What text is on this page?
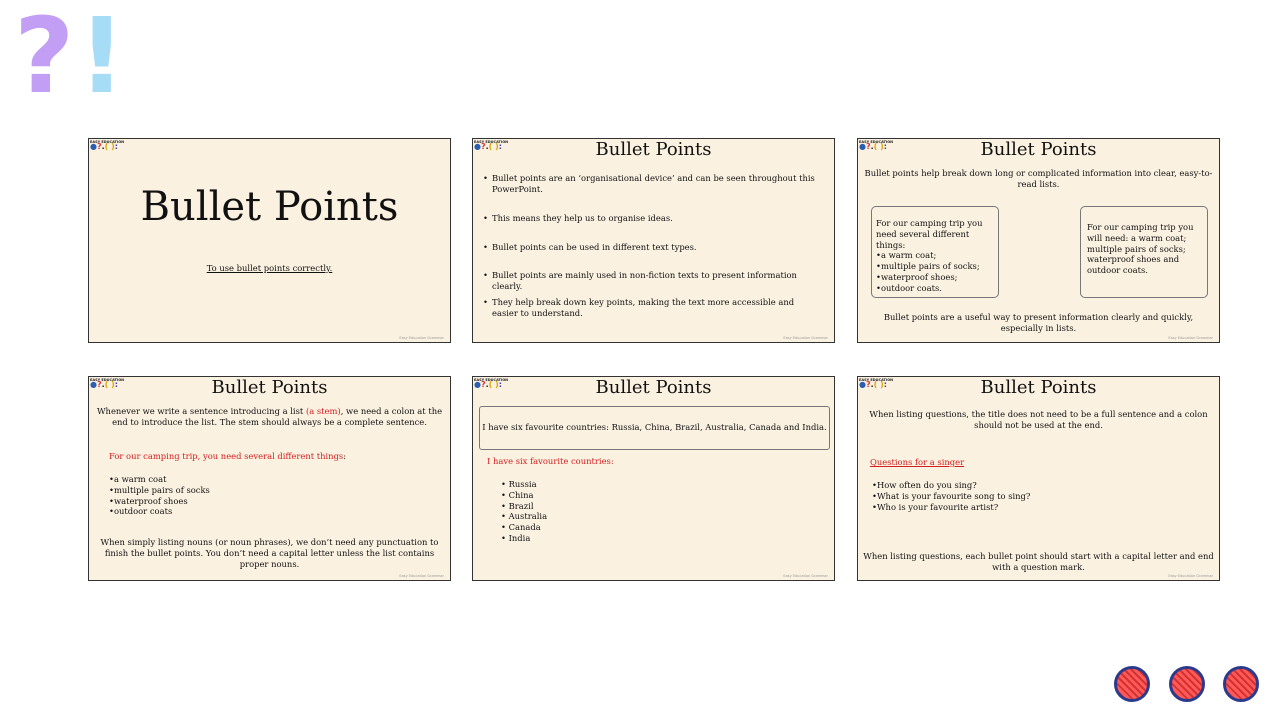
? !
EASY EDUCATION
●?.( ):
Bullet Points
To use bullet points correctly.
Easy Education Grammar
EASY EDUCATION
●?.( ):	Bullet Points
• Bullet points are an ‘organisational device’ and can be seen throughout this PowerPoint.
• This means they help us to organise ideas.
• Bullet points can be used in different text types.
• Bullet points are mainly used in non-fiction texts to present information clearly.
• They help break down key points, making the text more accessible and easier to understand.
Easy Education Grammar
EASY EDUCATION
●?.( ):	Bullet Points
Bullet points help break down long or complicated information into clear, easy-to-read lists.
For our camping trip you need several different things:
•a warm coat;
•multiple pairs of socks;
•waterproof shoes;
•outdoor coats.
For our camping trip you will need: a warm coat; multiple pairs of socks; waterproof shoes and outdoor coats.
Bullet points are a useful way to present information clearly and quickly, especially in lists.
Easy Education Grammar
EASY EDUCATION
●?.( ):	Bullet Points
Whenever we write a sentence introducing a list (a stem), we need a colon at the end to introduce the list. The stem should always be a complete sentence.
For our camping trip, you need several different things:
•a warm coat
•multiple pairs of socks
•waterproof shoes
•outdoor coats
When simply listing nouns (or noun phrases), we don’t need any punctuation to finish the bullet points. You don’t need a capital letter unless the list contains proper nouns.
Easy Education Grammar
EASY EDUCATION
●?.( ):	Bullet Points
I have six favourite countries: Russia, China, Brazil, Australia, Canada and India.
I have six favourite countries:
• Russia
• China
• Brazil
• Australia
• Canada
• India
Easy Education Grammar
EASY EDUCATION
●?.( ):	Bullet Points
When listing questions, the title does not need to be a full sentence and a colon should not be used at the end.
Questions for a singer
•How often do you sing?
•What is your favourite song to sing?
•Who is your favourite artist?
When listing questions, each bullet point should start with a capital letter and end with a question mark.
Easy Education Grammar
